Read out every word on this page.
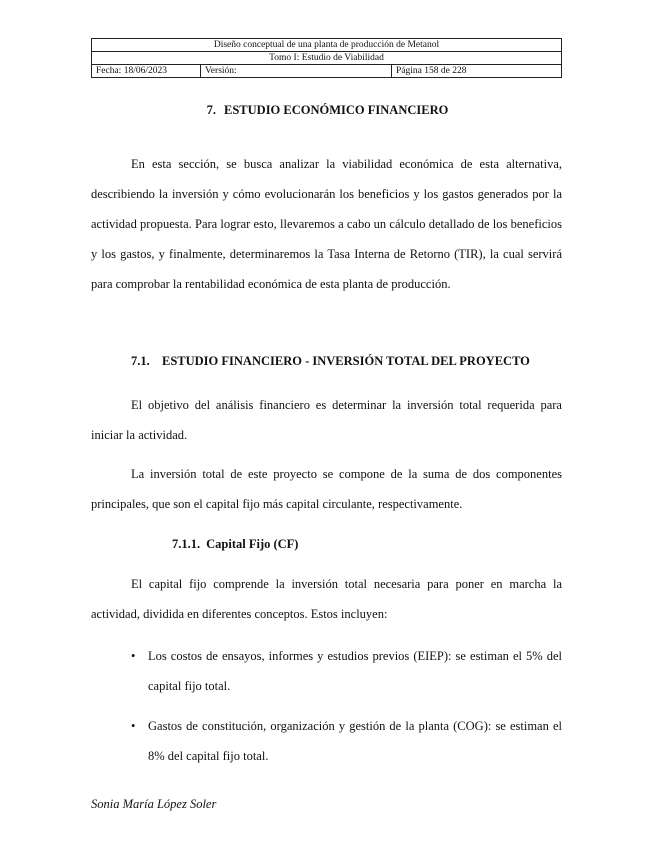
Diseño conceptual de una planta de producción de Metanol
Tomo I: Estudio de Viabilidad
Fecha: 18/06/2023	Versión:	Página 158 de 228
7. ESTUDIO ECONÓMICO FINANCIERO

En esta sección, se busca analizar la viabilidad económica de esta alternativa, describiendo la inversión y cómo evolucionarán los beneficios y los gastos generados por la actividad propuesta. Para lograr esto, llevaremos a cabo un cálculo detallado de los beneficios y los gastos, y finalmente, determinaremos la Tasa Interna de Retorno (TIR), la cual servirá para comprobar la rentabilidad económica de esta planta de producción.

7.1. ESTUDIO FINANCIERO - INVERSIÓN TOTAL DEL PROYECTO

El objetivo del análisis financiero es determinar la inversión total requerida para iniciar la actividad.

La inversión total de este proyecto se compone de la suma de dos componentes principales, que son el capital fijo más capital circulante, respectivamente.

7.1.1. Capital Fijo (CF)

El capital fijo comprende la inversión total necesaria para poner en marcha la actividad, dividida en diferentes conceptos. Estos incluyen:

• Los costos de ensayos, informes y estudios previos (EIEP): se estiman el 5% del capital fijo total.
• Gastos de constitución, organización y gestión de la planta (COG): se estiman el 8% del capital fijo total.
Sonia María López Soler
